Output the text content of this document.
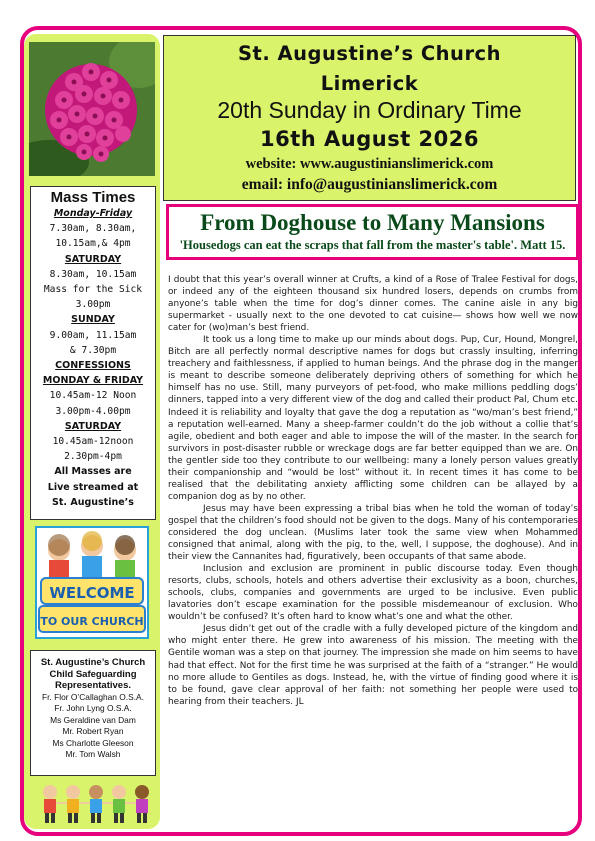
Mass Times
Monday-Friday
7.30am, 8.30am,
10.15am,& 4pm
SATURDAY
8.30am, 10.15am
Mass for the Sick
3.00pm
SUNDAY
9.00am, 11.15am
& 7.30pm
CONFESSIONS
MONDAY & FRIDAY
10.45am-12 Noon
3.00pm-4.00pm
SATURDAY
10.45am-12noon
2.30pm-4pm
All Masses are
Live streamed at
St. Augustine’s
WELCOME
TO OUR CHURCH
St. Augustine’s Church
Child Safeguarding
Representatives.
Fr. Flor O’Callaghan O.S.A.
Fr. John Lyng O.S.A.
Ms Geraldine van Dam
Mr. Robert Ryan
Ms Charlotte Gleeson
Mr. Tom Walsh
St. Augustine’s Church
Limerick
20th Sunday in Ordinary Time
16th August 2026
website: www.augustinianslimerick.com
email: info@augustinianslimerick.com
From Doghouse to Many Mansions
'Housedogs can eat the scraps that fall from the master's table'. Matt 15.

I doubt that this year’s overall winner at Crufts, a kind of a Rose of Tralee Festival for dogs, or indeed any of the eighteen thousand six hundred losers, depends on crumbs from anyone’s table when the time for dog’s dinner comes. The canine aisle in any big supermarket - usually next to the one devoted to cat cuisine— shows how well we now cater for (wo)man’s best friend.

It took us a long time to make up our minds about dogs. Pup, Cur, Hound, Mongrel, Bitch are all perfectly normal descriptive names for dogs but crassly insulting, inferring treachery and faithlessness, if applied to human beings. And the phrase dog in the manger is meant to describe someone deliberately depriving others of something for which he himself has no use. Still, many purveyors of pet-food, who make millions peddling dogs’ dinners, tapped into a very different view of the dog and called their product Pal, Chum etc. Indeed it is reliability and loyalty that gave the dog a reputation as “wo/man’s best friend,” a reputation well-earned. Many a sheep-farmer couldn’t do the job without a collie that’s agile, obedient and both eager and able to impose the will of the master. In the search for survivors in post-disaster rubble or wreckage dogs are far better equipped than we are. On the gentler side too they contribute to our wellbeing: many a lonely person values greatly their companionship and “would be lost” without it. In recent times it has come to be realised that the debilitating anxiety afflicting some children can be allayed by a companion dog as by no other.

Jesus may have been expressing a tribal bias when he told the woman of today’s gospel that the children’s food should not be given to the dogs. Many of his contemporaries considered the dog unclean. (Muslims later took the same view when Mohammed consigned that animal, along with the pig, to the, well, I suppose, the doghouse). And in their view the Cannanites had, figuratively, been occupants of that same abode.

Inclusion and exclusion are prominent in public discourse today. Even though resorts, clubs, schools, hotels and others advertise their exclusivity as a boon, churches, schools, clubs, companies and governments are urged to be inclusive. Even public lavatories don’t escape examination for the possible misdemeanour of exclusion. Who wouldn’t be confused? It’s often hard to know what’s one and what the other.

Jesus didn’t get out of the cradle with a fully developed picture of the kingdom and who might enter there. He grew into awareness of his mission. The meeting with the Gentile woman was a step on that journey. The impression she made on him seems to have had that effect. Not for the first time he was surprised at the faith of a “stranger.” He would no more allude to Gentiles as dogs. Instead, he, with the virtue of finding good where it is to be found, gave clear approval of her faith: not something her people were used to hearing from their teachers. JL
